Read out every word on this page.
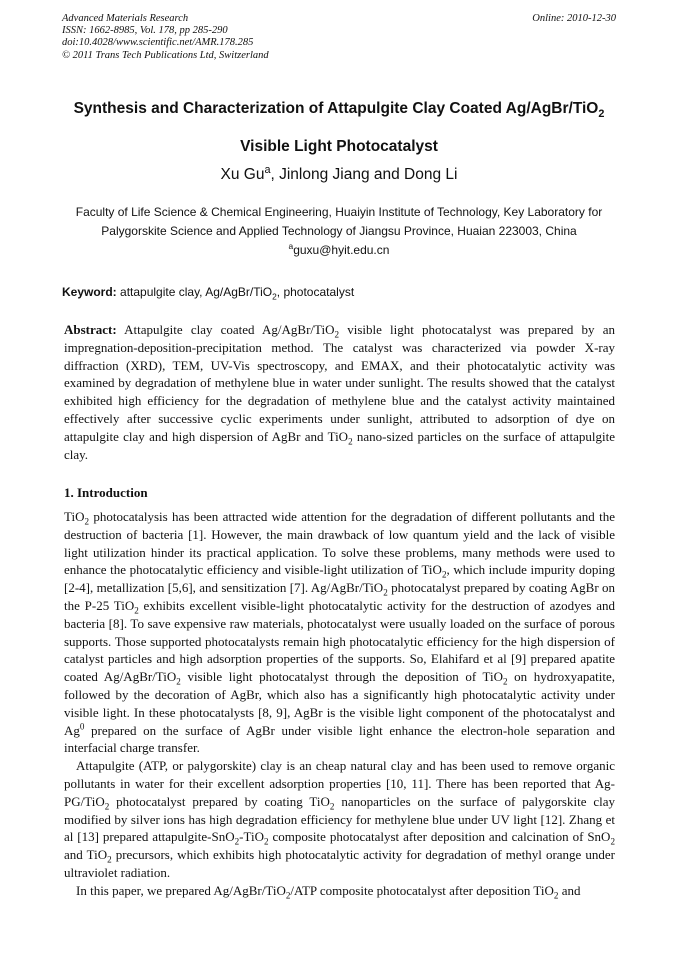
Advanced Materials Research
ISSN: 1662-8985, Vol. 178, pp 285-290
doi:10.4028/www.scientific.net/AMR.178.285
© 2011 Trans Tech Publications Ltd, Switzerland
Online: 2010-12-30
Synthesis and Characterization of Attapulgite Clay Coated Ag/AgBr/TiO$_2$
Visible Light Photocatalyst
Xu Gu$^a$, Jinlong Jiang and Dong Li
Faculty of Life Science & Chemical Engineering, Huaiyin Institute of Technology, Key Laboratory for Palygorskite Science and Applied Technology of Jiangsu Province, Huaian 223003, China
$^a$guxu@hyit.edu.cn
Keyword: attapulgite clay, Ag/AgBr/TiO$_2$, photocatalyst
Abstract: Attapulgite clay coated Ag/AgBr/TiO$_2$ visible light photocatalyst was prepared by an impregnation-deposition-precipitation method. The catalyst was characterized via powder X-ray diffraction (XRD), TEM, UV-Vis spectroscopy, and EMAX, and their photocatalytic activity was examined by degradation of methylene blue in water under sunlight. The results showed that the catalyst exhibited high efficiency for the degradation of methylene blue and the catalyst activity maintained effectively after successive cyclic experiments under sunlight, attributed to adsorption of dye on attapulgite clay and high dispersion of AgBr and TiO$_2$ nano-sized particles on the surface of attapulgite clay.
1. Introduction

TiO$_2$ photocatalysis has been attracted wide attention for the degradation of different pollutants and the destruction of bacteria [1]. However, the main drawback of low quantum yield and the lack of visible light utilization hinder its practical application. To solve these problems, many methods were used to enhance the photocatalytic efficiency and visible-light utilization of TiO$_2$, which include impurity doping [2-4], metallization [5,6], and sensitization [7]. Ag/AgBr/TiO$_2$ photocatalyst prepared by coating AgBr on the P-25 TiO$_2$ exhibits excellent visible-light photocatalytic activity for the destruction of azodyes and bacteria [8]. To save expensive raw materials, photocatalyst were usually loaded on the surface of porous supports. Those supported photocatalysts remain high photocatalytic efficiency for the high dispersion of catalyst particles and high adsorption properties of the supports. So, Elahifard et al [9] prepared apatite coated Ag/AgBr/TiO$_2$ visible light photocatalyst through the deposition of TiO$_2$ on hydroxyapatite, followed by the decoration of AgBr, which also has a significantly high photocatalytic activity under visible light. In these photocatalysts [8, 9], AgBr is the visible light component of the photocatalyst and Ag$^0$ prepared on the surface of AgBr under visible light enhance the electron-hole separation and interfacial charge transfer.

Attapulgite (ATP, or palygorskite) clay is an cheap natural clay and has been used to remove organic pollutants in water for their excellent adsorption properties [10, 11]. There has been reported that Ag-PG/TiO$_2$ photocatalyst prepared by coating TiO$_2$ nanoparticles on the surface of palygorskite clay modified by silver ions has high degradation efficiency for methylene blue under UV light [12]. Zhang et al [13] prepared attapulgite-SnO$_2$-TiO$_2$ composite photocatalyst after deposition and calcination of SnO$_2$ and TiO$_2$ precursors, which exhibits high photocatalytic activity for degradation of methyl orange under ultraviolet radiation.

In this paper, we prepared Ag/AgBr/TiO$_2$/ATP composite photocatalyst after deposition TiO$_2$ and
